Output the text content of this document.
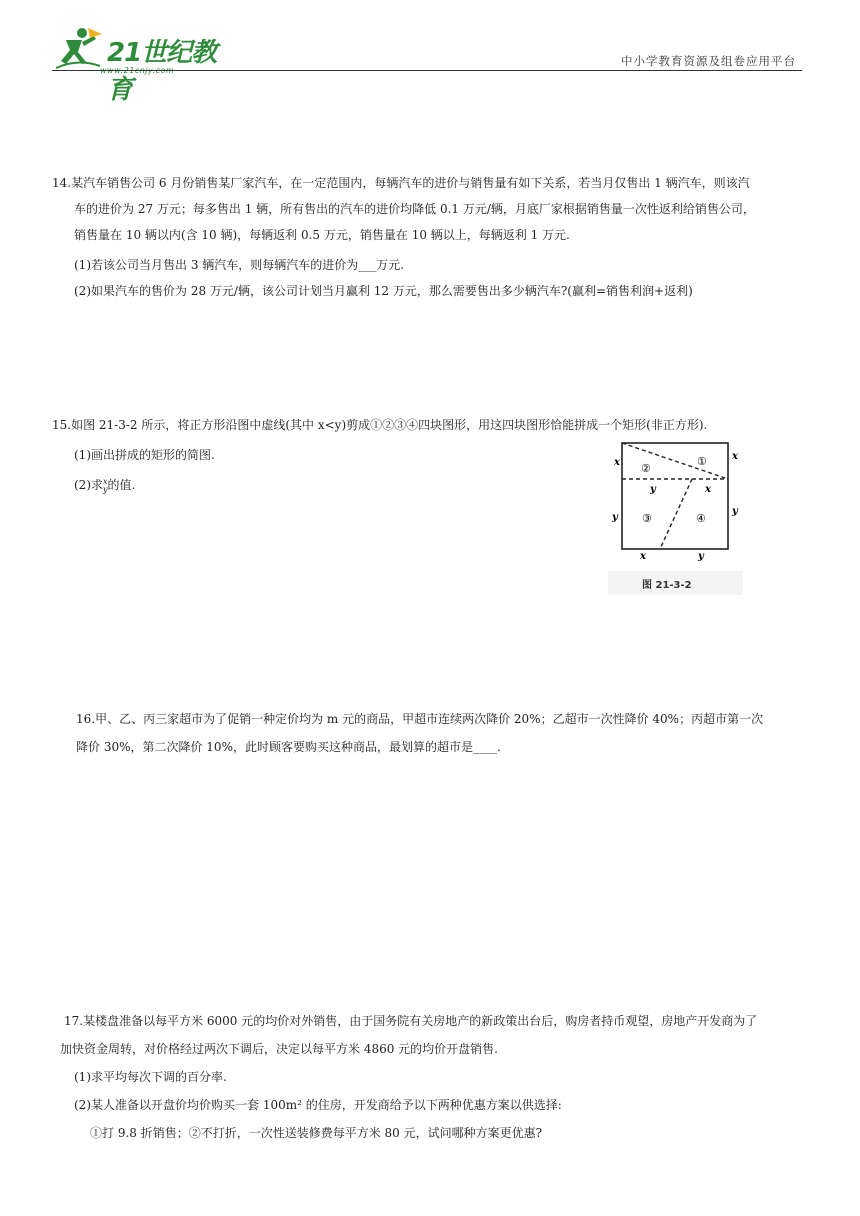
21世纪教育
www.21cnjy.com
中小学教育资源及组卷应用平台
14.某汽车销售公司 6 月份销售某厂家汽车，在一定范围内，每辆汽车的进价与销售量有如下关系，若当月仅售出 1 辆汽车，则该汽
车的进价为 27 万元；每多售出 1 辆，所有售出的汽车的进价均降低 0.1 万元/辆，月底厂家根据销售量一次性返利给销售公司，
销售量在 10 辆以内(含 10 辆)，每辆返利 0.5 万元，销售量在 10 辆以上，每辆返利 1 万元.
(1)若该公司当月售出 3 辆汽车，则每辆汽车的进价为___万元.
(2)如果汽车的售价为 28 万元/辆，该公司计划当月赢利 12 万元，那么需要售出多少辆汽车?(赢利=销售利润+返利)
15.如图 21-3-2 所示，将正方形沿图中虚线(其中 x<y)剪成①②③④四块图形，用这四块图形恰能拼成一个矩形(非正方形).
(1)画出拼成的矩形的简图.
(2)求 x
y 的值.
x
x
y
y
y	x
x	y
①
②
③	④
图 21-3-2
16.甲、乙、丙三家超市为了促销一种定价均为 m 元的商品，甲超市连续两次降价 20%；乙超市一次性降价 40%；丙超市第一次
降价 30%，第二次降价 10%，此时顾客要购买这种商品，最划算的超市是____.
17.某楼盘准备以每平方米 6000 元的均价对外销售，由于国务院有关房地产的新政策出台后，购房者持币观望，房地产开发商为了
加快资金周转，对价格经过两次下调后，决定以每平方米 4860 元的均价开盘销售.
(1)求平均每次下调的百分率.
(2)某人准备以开盘价均价购买一套 100m² 的住房，开发商给予以下两种优惠方案以供选择:
①打 9.8 折销售；②不打折，一次性送装修费每平方米 80 元，试问哪种方案更优惠?
